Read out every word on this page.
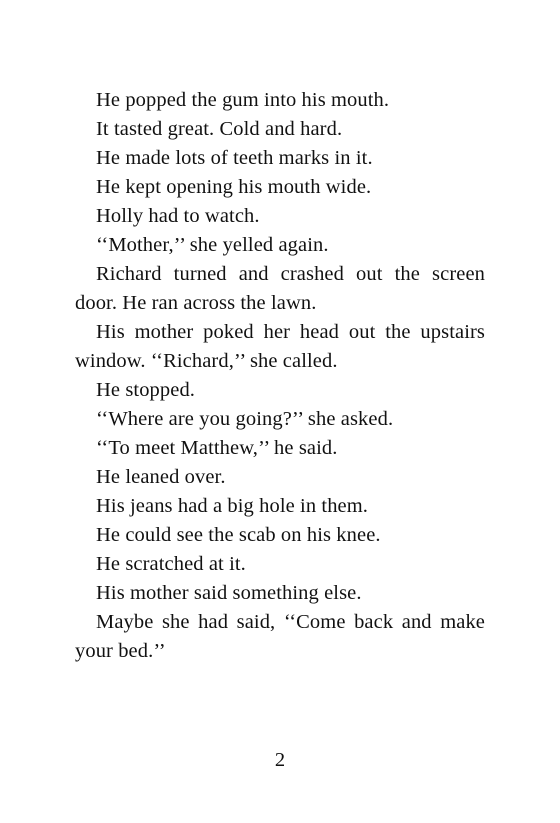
He popped the gum into his mouth.

It tasted great. Cold and hard.

He made lots of teeth marks in it.

He kept opening his mouth wide.

Holly had to watch.

‘‘Mother,’’ she yelled again.

Richard turned and crashed out the screen door. He ran across the lawn.

His mother poked her head out the upstairs window. ‘‘Richard,’’ she called.

He stopped.

‘‘Where are you going?’’ she asked.

‘‘To meet Matthew,’’ he said.

He leaned over.

His jeans had a big hole in them.

He could see the scab on his knee.

He scratched at it.

His mother said something else.

Maybe she had said, ‘‘Come back and make your bed.’’

2
